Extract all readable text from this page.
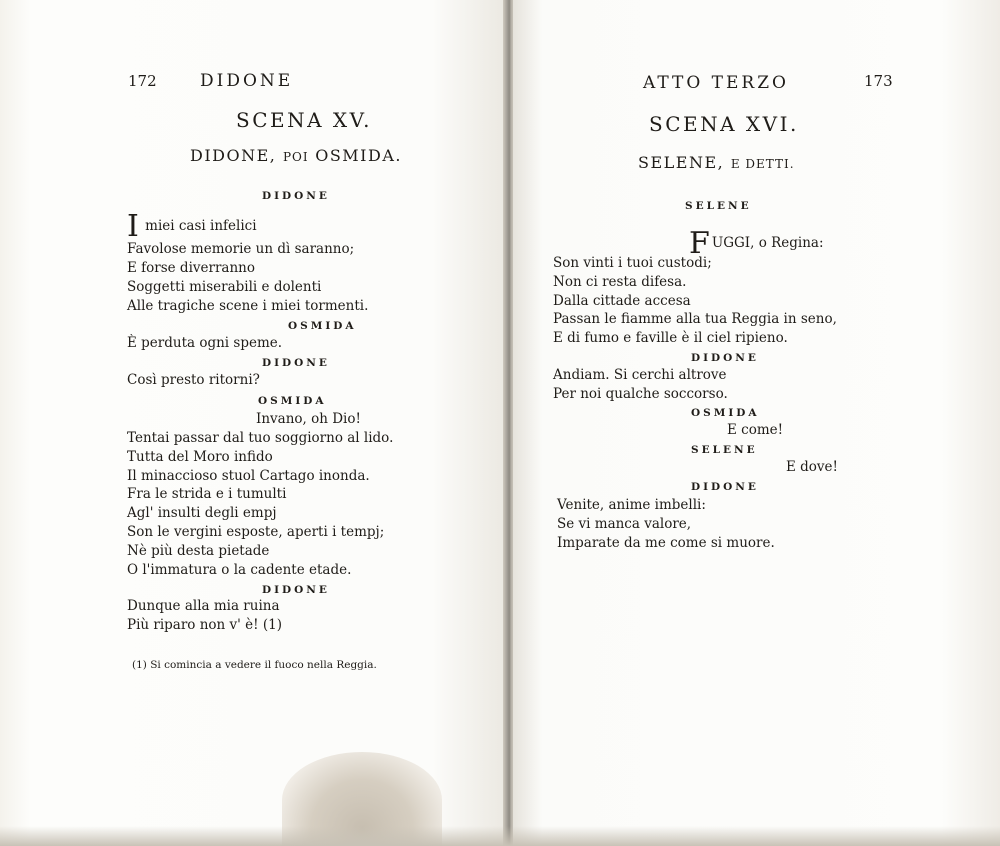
172	DIDONE
SCENA XV.
DIDONE, POI OSMIDA.
DIDONE
I miei casi infelici
Favolose memorie un dì saranno;
E forse diverranno
Soggetti miserabili e dolenti
Alle tragiche scene i miei tormenti.
OSMIDA
È perduta ogni speme.
DIDONE
Così presto ritorni?
OSMIDA
Invano, oh Dio!
Tentai passar dal tuo soggiorno al lido.
Tutta del Moro infido
Il minaccioso stuol Cartago inonda.
Fra le strida e i tumulti
Agl' insulti degli empj
Son le vergini esposte, aperti i tempj;
Nè più desta pietade
O l'immatura o la cadente etade.
DIDONE
Dunque alla mia ruina
Più riparo non v' è! (1)
(1) Si comincia a vedere il fuoco nella Reggia.
ATTO TERZO	173
SCENA XVI.
SELENE, E DETTI.
SELENE
FUGGI, o Regina:
Son vinti i tuoi custodi;
Non ci resta difesa.
Dalla cittade accesa
Passan le fiamme alla tua Reggia in seno,
E di fumo e faville è il ciel ripieno.
DIDONE
Andiam. Si cerchi altrove
Per noi qualche soccorso.
OSMIDA
E come!
SELENE
E dove!
DIDONE
Venite, anime imbelli:
Se vi manca valore,
Imparate da me come si muore.
